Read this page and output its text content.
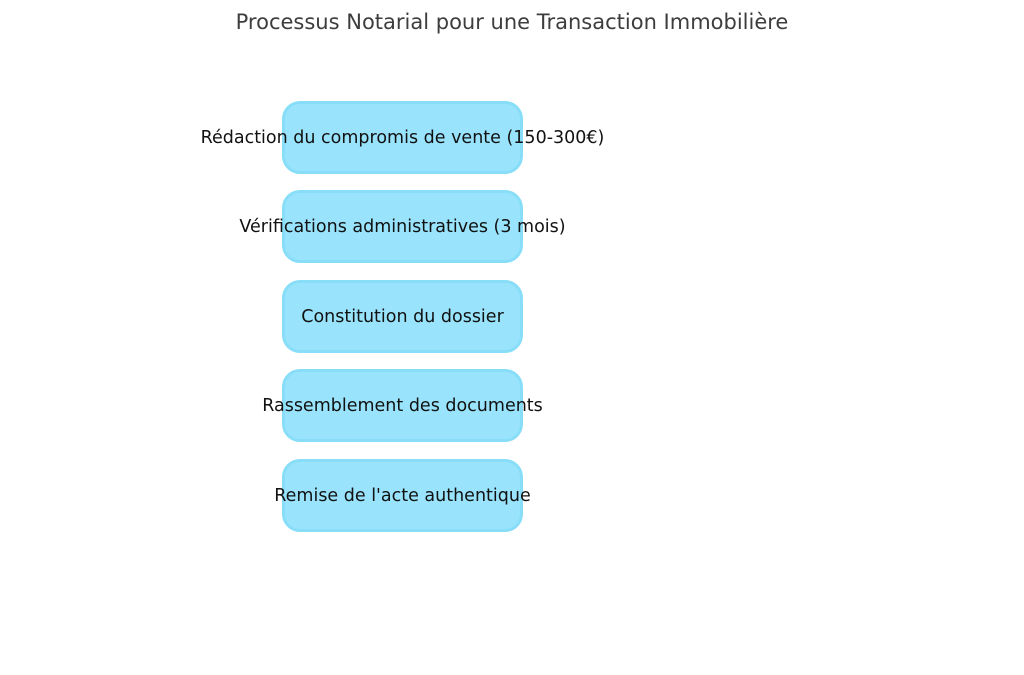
Processus Notarial pour une Transaction Immobilière
Rédaction du compromis de vente (150-300€)
Vérifications administratives (3 mois)
Constitution du dossier
Rassemblement des documents
Remise de l'acte authentique
